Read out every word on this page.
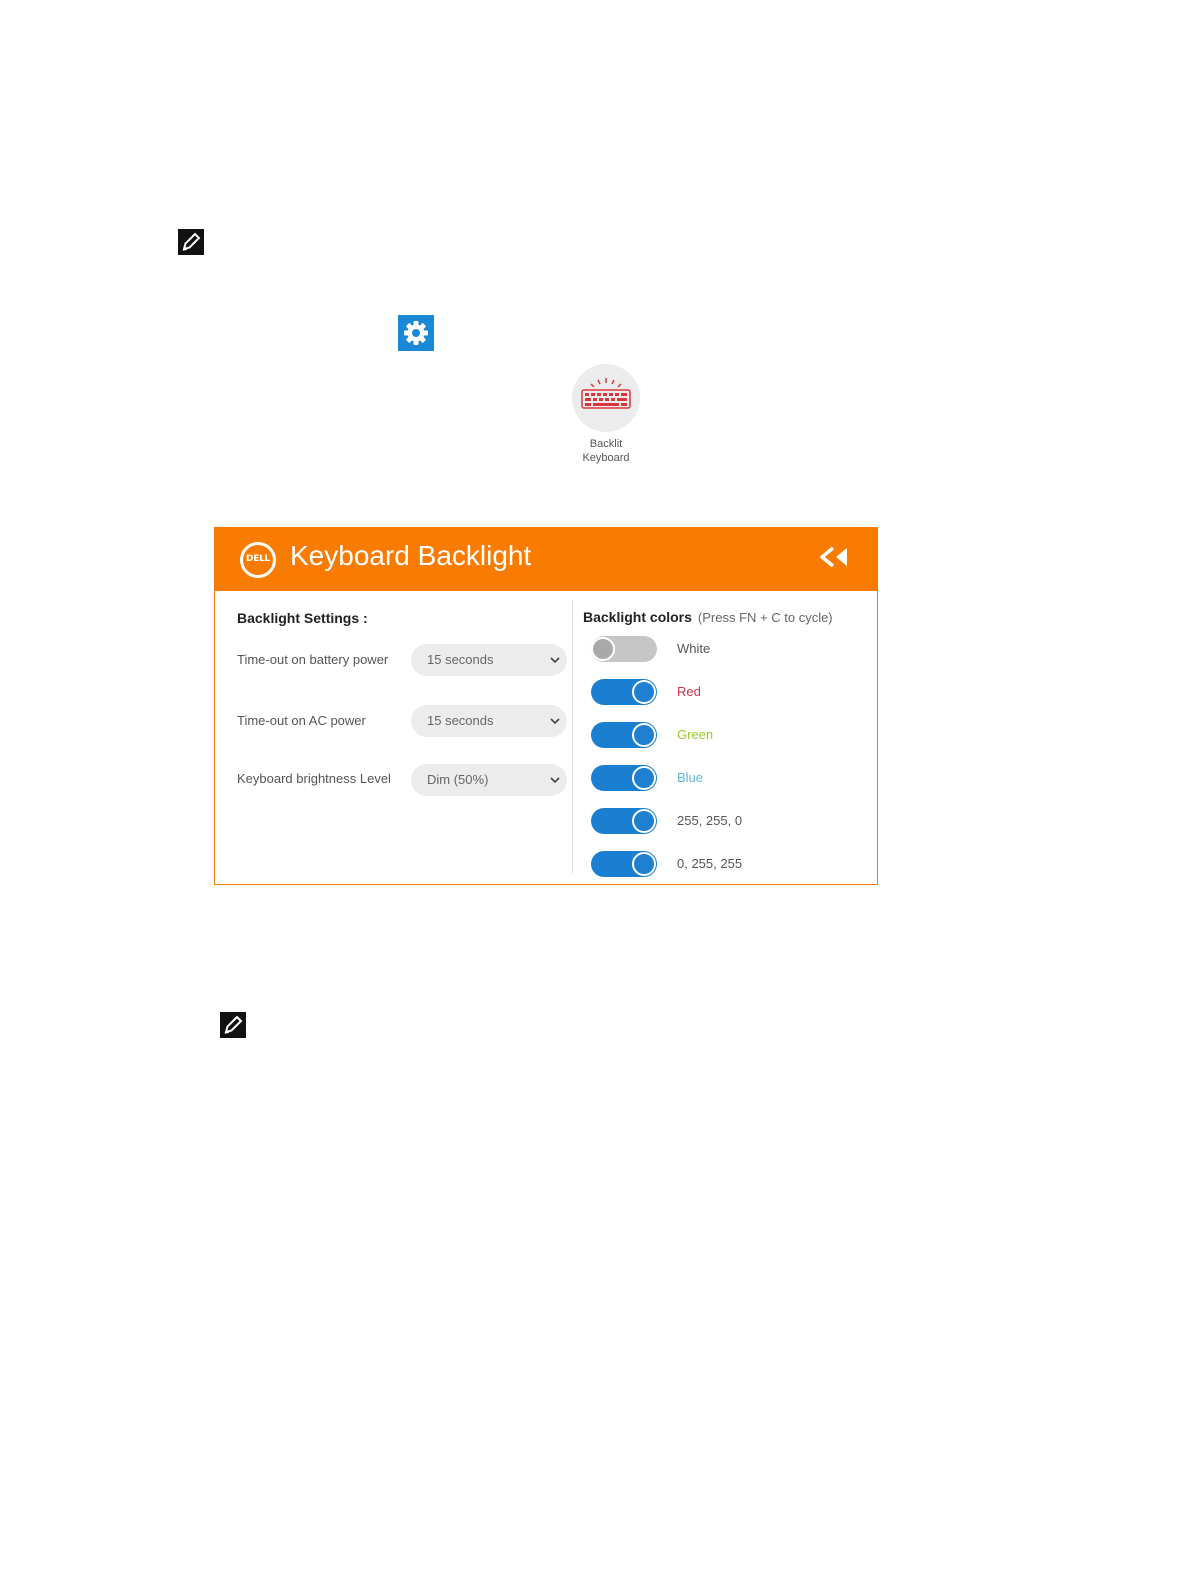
Backlit
Keyboard
DELL Keyboard Backlight
Backlight Settings :
Time-out on battery power	15 seconds
Time-out on AC power	15 seconds
Keyboard brightness Level	Dim (50%)
Backlight colors (Press FN + C to cycle)
White
Red
Green
Blue
255, 255, 0
0, 255, 255
